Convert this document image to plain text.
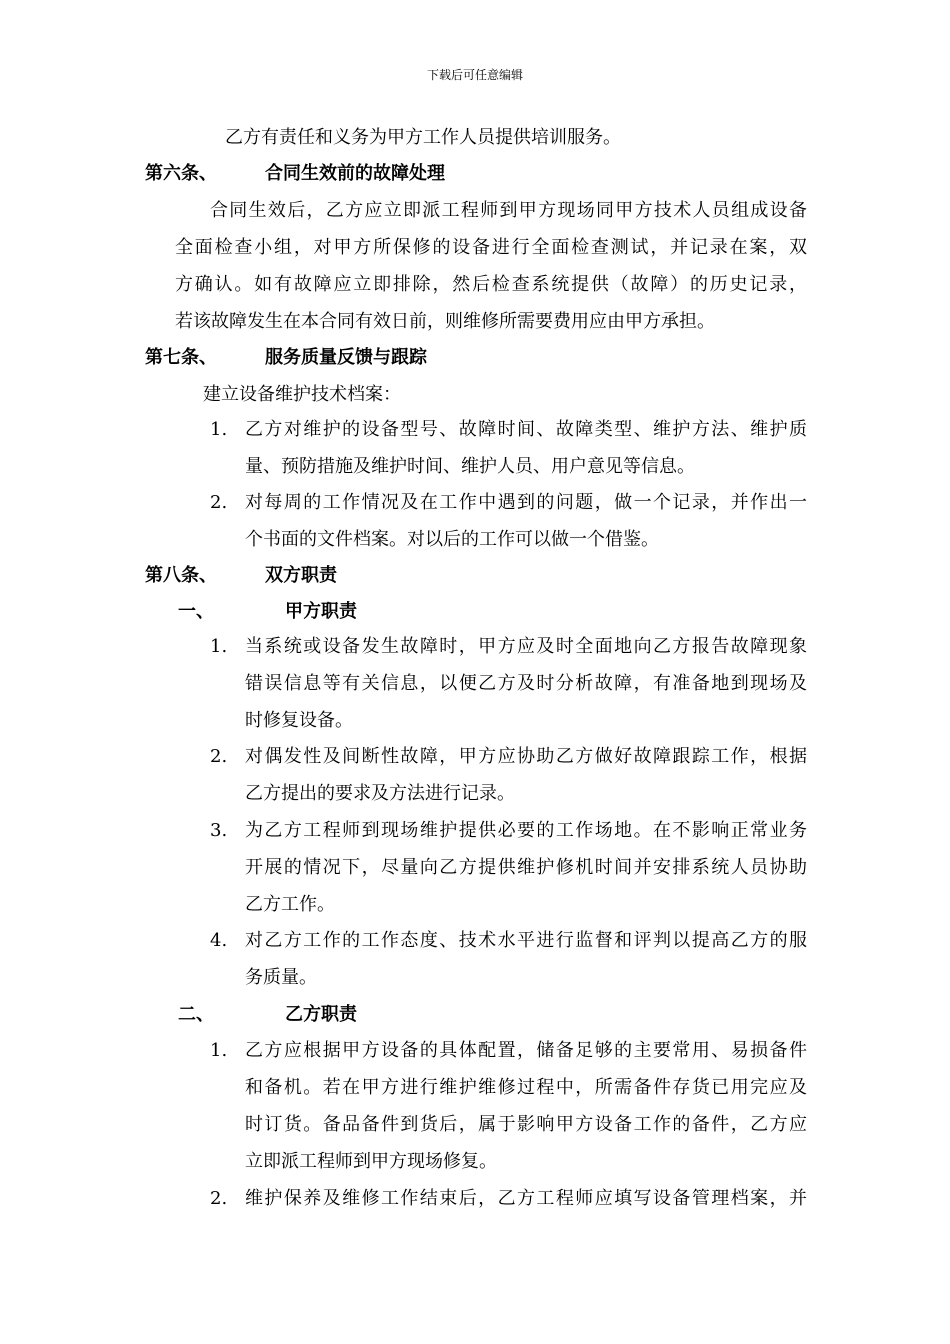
下载后可任意编辑
乙方有责任和义务为甲方工作人员提供培训服务。
第六条、	合同生效前的故障处理
合同生效后，乙方应立即派工程师到甲方现场同甲方技术人员组成设备
全面检查小组，对甲方所保修的设备进行全面检查测试，并记录在案，双
方确认。如有故障应立即排除，然后检查系统提供（故障）的历史记录，
若该故障发生在本合同有效日前，则维修所需要费用应由甲方承担。
第七条、	服务质量反馈与跟踪
建立设备维护技术档案：
1. 乙方对维护的设备型号、故障时间、故障类型、维护方法、维护质
量、预防措施及维护时间、维护人员、用户意见等信息。
2. 对每周的工作情况及在工作中遇到的问题，做一个记录，并作出一
个书面的文件档案。对以后的工作可以做一个借鉴。
第八条、	双方职责
一、	甲方职责
1. 当系统或设备发生故障时，甲方应及时全面地向乙方报告故障现象
错误信息等有关信息，以便乙方及时分析故障，有准备地到现场及
时修复设备。
2. 对偶发性及间断性故障，甲方应协助乙方做好故障跟踪工作，根据
乙方提出的要求及方法进行记录。
3. 为乙方工程师到现场维护提供必要的工作场地。在不影响正常业务
开展的情况下，尽量向乙方提供维护修机时间并安排系统人员协助
乙方工作。
4. 对乙方工作的工作态度、技术水平进行监督和评判以提高乙方的服
务质量。
二、	乙方职责
1. 乙方应根据甲方设备的具体配置，储备足够的主要常用、易损备件
和备机。若在甲方进行维护维修过程中，所需备件存货已用完应及
时订货。备品备件到货后，属于影响甲方设备工作的备件，乙方应
立即派工程师到甲方现场修复。
2. 维护保养及维修工作结束后，乙方工程师应填写设备管理档案，并
